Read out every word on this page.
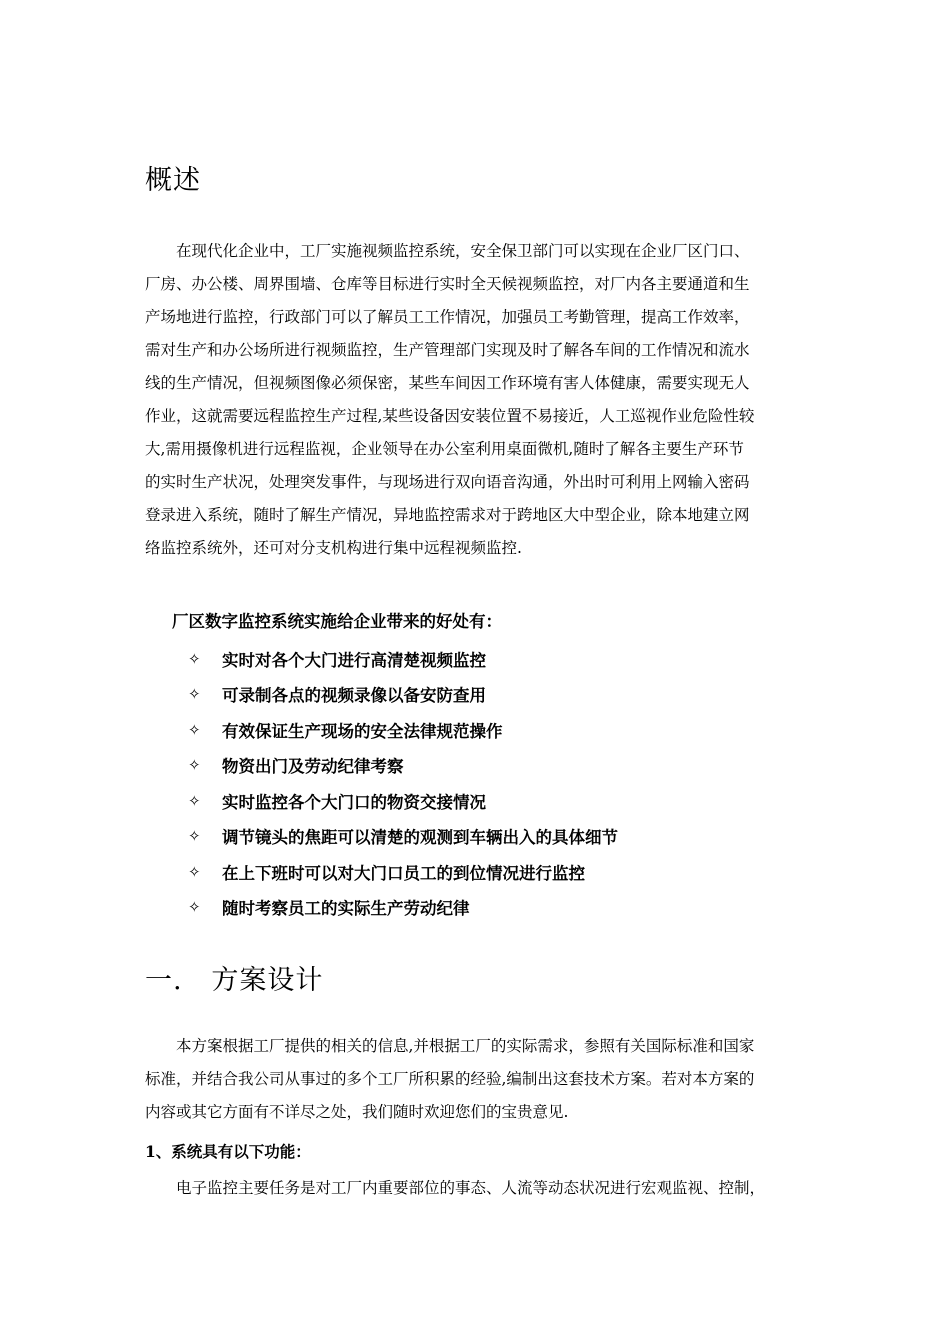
概述
　　在现代化企业中，工厂实施视频监控系统，安全保卫部门可以实现在企业厂区门口、
厂房、办公楼、周界围墙、仓库等目标进行实时全天候视频监控，对厂内各主要通道和生
产场地进行监控，行政部门可以了解员工工作情况，加强员工考勤管理，提高工作效率，
需对生产和办公场所进行视频监控，生产管理部门实现及时了解各车间的工作情况和流水
线的生产情况，但视频图像必须保密，某些车间因工作环境有害人体健康，需要实现无人
作业，这就需要远程监控生产过程,某些设备因安装位置不易接近，人工巡视作业危险性较
大,需用摄像机进行远程监视，企业领导在办公室利用桌面微机,随时了解各主要生产环节
的实时生产状况，处理突发事件，与现场进行双向语音沟通，外出时可利用上网输入密码
登录进入系统，随时了解生产情况，异地监控需求对于跨地区大中型企业，除本地建立网
络监控系统外，还可对分支机构进行集中远程视频监控.

厂区数字监控系统实施给企业带来的好处有：

✧	实时对各个大门进行高清楚视频监控
✧	可录制各点的视频录像以备安防查用
✧	有效保证生产现场的安全法律规范操作
✧	物资出门及劳动纪律考察
✧	实时监控各个大门口的物资交接情况
✧	调节镜头的焦距可以清楚的观测到车辆出入的具体细节
✧	在上下班时可以对大门口员工的到位情况进行监控
✧	随时考察员工的实际生产劳动纪律
一.   方案设计
　　本方案根据工厂提供的相关的信息,并根据工厂的实际需求，参照有关国际标准和国家
标准，并结合我公司从事过的多个工厂所积累的经验,编制出这套技术方案。若对本方案的
内容或其它方面有不详尽之处，我们随时欢迎您们的宝贵意见.

1、系统具有以下功能：

　　电子监控主要任务是对工厂内重要部位的事态、人流等动态状况进行宏观监视、控制，
